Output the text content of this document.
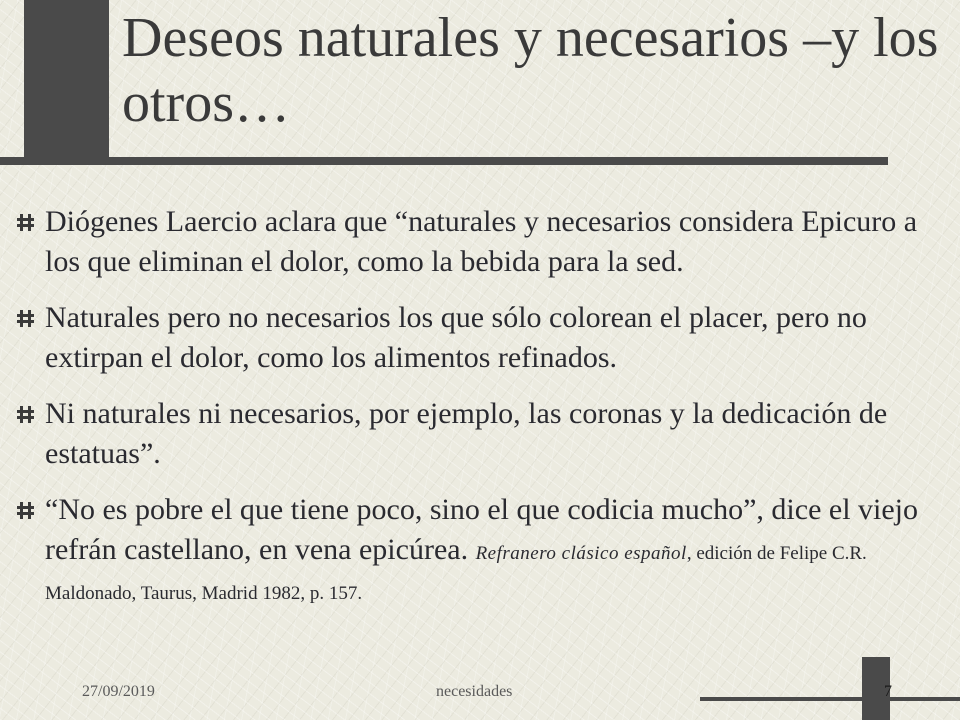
Deseos naturales y necesarios –y los otros…
Diógenes Laercio aclara que “naturales y necesarios considera Epicuro a los que eliminan el dolor, como la bebida para la sed.
Naturales pero no necesarios los que sólo colorean el placer, pero no extirpan el dolor, como los alimentos refinados.
Ni naturales ni necesarios, por ejemplo, las coronas y la dedicación de estatuas”.
“No es pobre el que tiene poco, sino el que codicia mucho”, dice el viejo refrán castellano, en vena epicúrea. Refranero clásico español, edición de Felipe C.R. Maldonado, Taurus, Madrid 1982, p. 157.
27/09/2019	necesidades	7
